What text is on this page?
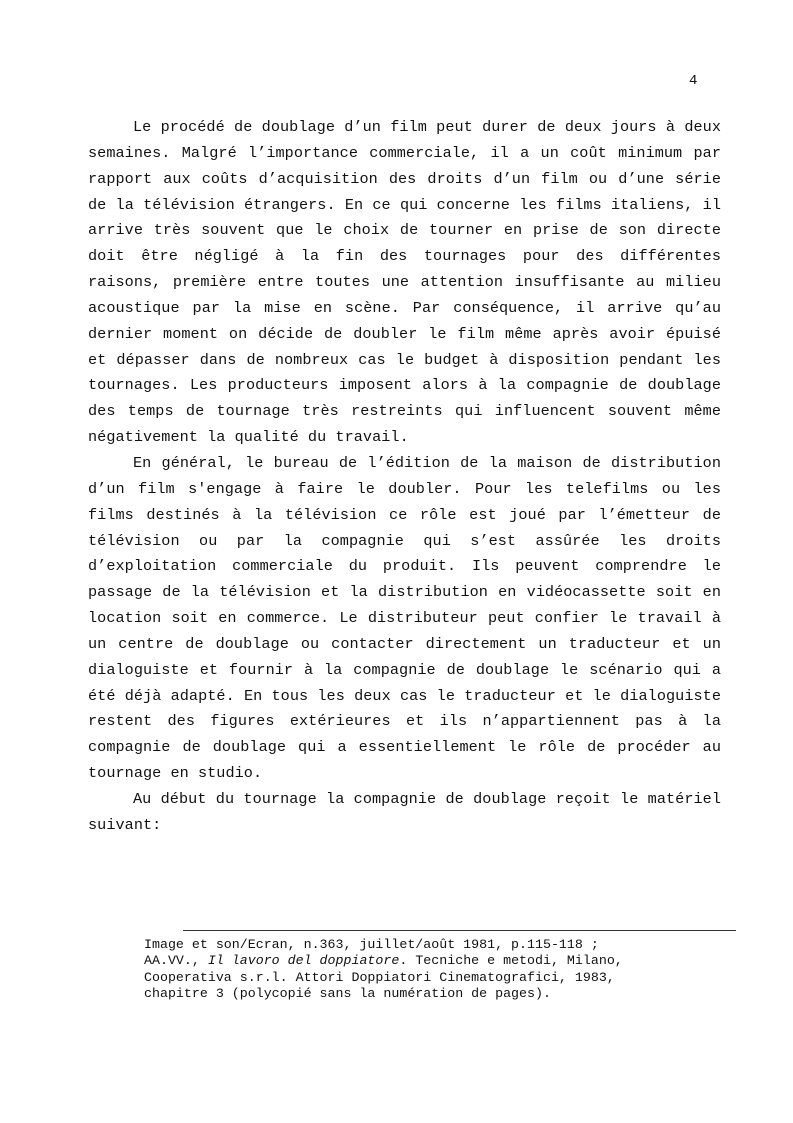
4

Le procédé de doublage d’un film peut durer de deux jours à deux semaines. Malgré l’importance commerciale, il a un coût minimum par rapport aux coûts d’acquisition des droits d’un film ou d’une série de la télévision étrangers. En ce qui concerne les films italiens, il arrive très souvent que le choix de tourner en prise de son directe doit être négligé à la fin des tournages pour des différentes raisons, première entre toutes une attention insuffisante au milieu acoustique par la mise en scène. Par conséquence, il arrive qu’au dernier moment on décide de doubler le film même après avoir épuisé et dépasser dans de nombreux cas le budget à disposition pendant les tournages. Les producteurs imposent alors à la compagnie de doublage des temps de tournage très restreints qui influencent souvent même négativement la qualité du travail.

En général, le bureau de l’édition de la maison de distribution d’un film s'engage à faire le doubler. Pour les telefilms ou les films destinés à la télévision ce rôle est joué par l’émetteur de télévision ou par la compagnie qui s’est assûrée les droits d’exploitation commerciale du produit. Ils peuvent comprendre le passage de la télévision et la distribution en vidéocassette soit en location soit en commerce. Le distributeur peut confier le travail à un centre de doublage ou contacter directement un traducteur et un dialoguiste et fournir à la compagnie de doublage le scénario qui a été déjà adapté. En tous les deux cas le traducteur et le dialoguiste restent des figures extérieures et ils n’appartiennent pas à la compagnie de doublage qui a essentiellement le rôle de procéder au tournage en studio.

Au début du tournage la compagnie de doublage reçoit le matériel suivant:

Image et son/Ecran, n.363, juillet/août 1981, p.115-118 ;
AA.VV., Il lavoro del doppiatore. Tecniche e metodi, Milano,
Cooperativa s.r.l. Attori Doppiatori Cinematografici, 1983,
chapitre 3 (polycopié sans la numération de pages).
